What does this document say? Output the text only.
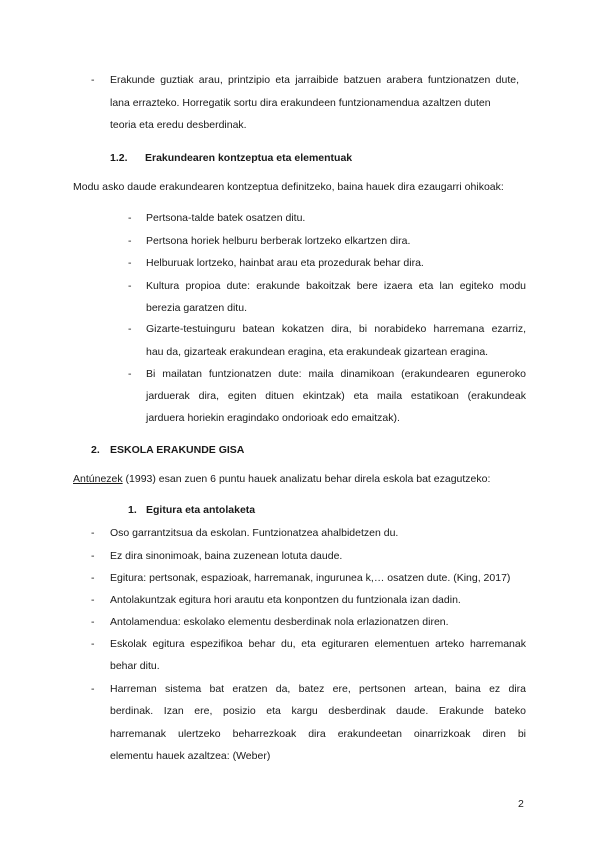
- Erakunde guztiak arau, printzipio eta jarraibide batzuen arabera funtzionatzen dute,
lana errazteko. Horregatik sortu dira erakundeen funtzionamendua azaltzen duten
teoria eta eredu desberdinak.
1.2. Erakundearen kontzeptua eta elementuak
Modu asko daude erakundearen kontzeptua definitzeko, baina hauek dira ezaugarri ohikoak:
- Pertsona-talde batek osatzen ditu.
- Pertsona horiek helburu berberak lortzeko elkartzen dira.
- Helburuak lortzeko, hainbat arau eta prozedurak behar dira.
- Kultura propioa dute: erakunde bakoitzak bere izaera eta lan egiteko modu
berezia garatzen ditu.
- Gizarte-testuinguru batean kokatzen dira, bi norabideko harremana ezarriz,
hau da, gizarteak erakundean eragina, eta erakundeak gizartean eragina.
- Bi mailatan funtzionatzen dute: maila dinamikoan (erakundearen eguneroko
jarduerak dira, egiten dituen ekintzak) eta maila estatikoan (erakundeak
jarduera horiekin eragindako ondorioak edo emaitzak).
2. ESKOLA ERAKUNDE GISA
Antúnezek (1993) esan zuen 6 puntu hauek analizatu behar direla eskola bat ezagutzeko:
1. Egitura eta antolaketa
- Oso garrantzitsua da eskolan. Funtzionatzea ahalbidetzen du.
- Ez dira sinonimoak, baina zuzenean lotuta daude.
- Egitura: pertsonak, espazioak, harremanak, ingurunea k,… osatzen dute. (King, 2017)
- Antolakuntzak egitura hori arautu eta konpontzen du funtzionala izan dadin.
- Antolamendua: eskolako elementu desberdinak nola erlazionatzen diren.
- Eskolak egitura espezifikoa behar du, eta egituraren elementuen arteko harremanak
behar ditu.
- Harreman sistema bat eratzen da, batez ere, pertsonen artean, baina ez dira
berdinak. Izan ere, posizio eta kargu desberdinak daude. Erakunde bateko
harremanak ulertzeko beharrezkoak dira erakundeetan oinarrizkoak diren bi
elementu hauek azaltzea: (Weber)
2
